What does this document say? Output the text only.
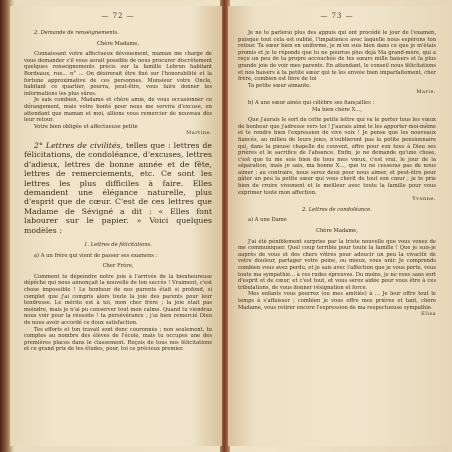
— 72 —

2. Demande de renseignements.

Chère Madame,

Connaissant votre affectueux dévouement, maman me charge de vous demander s'il vous serait possible de nous procurer discrètement quelques renseignements précis sur la famille Lebrun habitant Bordeaux, rue... n° ... On désirerait être fixé sur l'honorabilité et la fortune approximative de ces personnes. Monsieur votre Oncle, habitant ce quartier, pourra, peut-être, vous faire donner les informations les plus sûres.

Je sais combien, Madame et chère amie, de vous occasionner ce dérangement, mais votre bonté pour nous me servira d'excuse, en attendant que maman et moi, allions vous remercier de nouveau dès leur retour.

Votre bien obligée et affectueuse petite

Martine.

2° Lettres de civilités, telles que : lettres de félicitations, de condoléance, d'excuses, lettres d'adieux, lettres de bonne année et de fête, lettres de remerciements, etc. Ce sont les lettres les plus difficiles à faire. Elles demandent une élégance naturelle, plus d'esprit que de cœur. C'est de ces lettres que Madame de Sévigné a dit : « Elles font labourer sur le papier. » Voici quelques modèles :

1. Lettres de félicitations.

a) A un frère qui vient de passer ses examens :

Cher Frère,

Comment te dépeindre notre joie à l'arrivée de la bienheureuse dépêche qui nous annonçait la nouvelle de ton succès ! Vraiment, c'est chose impossible ! Le bonheur de nos parents était si profond, si complet que j'ai compris alors toute la joie des parents pour leur tendresse. Le mérite est à toi, mon cher frère ; la joie était pas moindre, mais je n'ai pu conserver tout mon calme. Quand tu viendras nous voir pour la réussite ! ta persévérance ; j'ai bien remercié Dieu de nous avoir accordé ce doux satisfaction.

Tes efforts et ton travail sont donc couronnés ; non seulement, tu comptes au nombre des élèves de l'école, mais tu occupes une des premières places dans le classement. Reçois de tous nos félicitations et ce grand prix de tes études, pour, toi ce précieux premier.

— 73 —

Je ne te parlerai plus des appuis qui ont procédé le jour de l'examen, puisque tout cela est oublié, l'impatience avec laquelle nous espérons ton retour. Ta sœur bien en uniforme, je m'en suis bien dans ce que je m'étais promis et je te réponds que tu ne pourras plus déjà Ma grand-mère, qui a reçu un peu de ta propre accouchée de tes sœurs mille baisers et la plus grande joie de voir mes parents. En attendant, le conseil nous félicitations et nos baisers à ta petite sœur qui te les envoie bien imparfaitement, cher frère, combien est fière de toi

Ta petite sœur aimante.

Marie.

b) A une sœur ainée qui célèbre ses fiançailles :

Ma bien chère X...,

Que j'aurais le sort de cette petite lettre qui va te porter tous les vœux de bonheur que j'adresse vers toi ! J'aurais aimé te les apporter moi-même et te rendre bien l'expression de vive voix ! Je pense que les nouveaux fiancés, au milieu de leurs joies, n'oublieront pas la petite pensionnaire qui, dans la pieuse chapelle du couvent, offre pour eux tous à Dieu ses prières et le sacrifice de l'absence. Enfin, je ne demande qu'une chose, c'est que tu me sois bien de tous mes vœux, c'est vrai, le jour de la séparation, mais je sais, ma bonne X..., que tu ne cesseras pas de nous aimer ; au contraire, nous serez deux pour nous aimer, et peut-être pour gâter un peu la petite sœur qui vous chérit de tout son cœur ; je te prie bien de croire vivement et le meilleur avec toute la famille pour vous exprimer toute mon affection.

Yvonne.

2. Lettres de condoléance.

a) A une Dame

Chère Madame,

J'ai été péniblement surprise par la triste nouvelle que vous venez de me communiquer. Quel coup terrible pour toute la famille ! Que je suis-je auprès de vous et des chers vôtres pour adoucir un peu la vivacité de votre douleur, partager votre peine, ou mieux, vous unir. Je comprends combien vous avez perdu, et je sais avec l'affection que je vous porte, vous toute ma sympathie... à ces rudes épreuves. Du moins, je ne vous sans sort d'esprit et de cœur, et c'est tout, et vous serez aidée pour vous être à ces tribulations, de vous donner résignation et force.

Mes enfants vous pourrez (ou mes amitiés) à ... Je leur offre tout le temps à s'affaisser ; combien je vous offre mes prières et tant, chère Madame, vous retirer encore l'expression de ma respectueuse sympathie.

Elisa
